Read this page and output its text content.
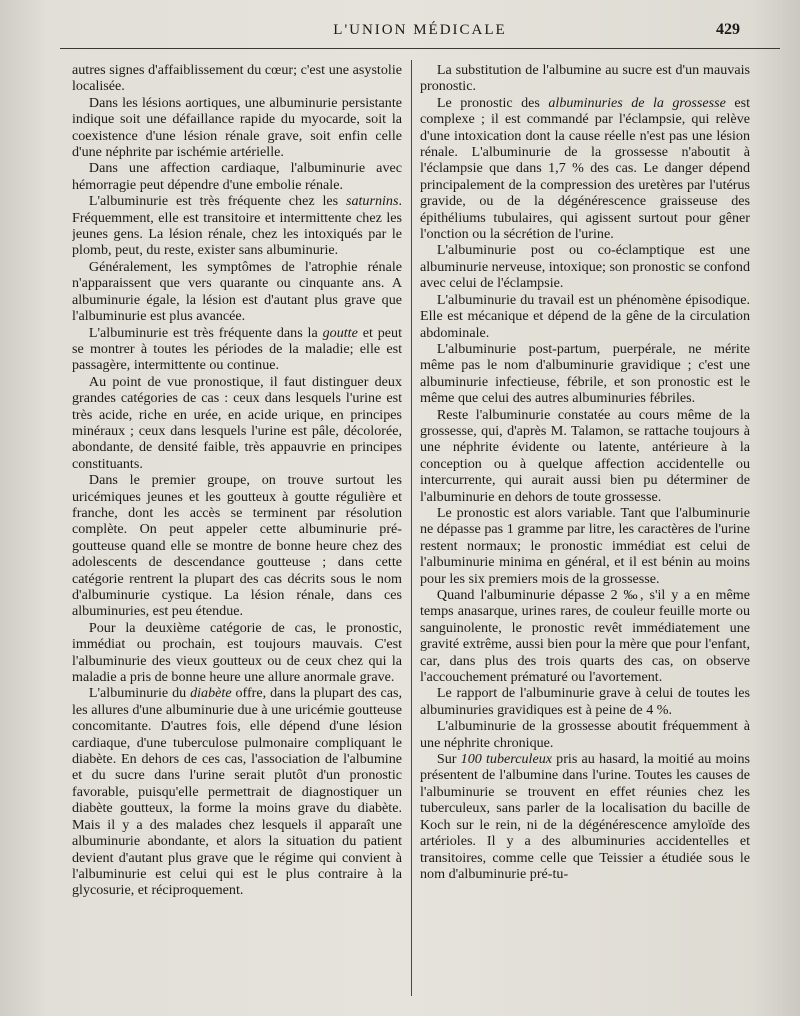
L'UNION MÉDICALE	429

autres signes d'affaiblissement du cœur; c'est une asystolie localisée.

Dans les lésions aortiques, une albuminurie persistante indique soit une défaillance rapide du myocarde, soit la coexistence d'une lésion rénale grave, soit enfin celle d'une néphrite par ischémie artérielle.

Dans une affection cardiaque, l'albuminurie avec hémorragie peut dépendre d'une embolie rénale.

L'albuminurie est très fréquente chez les saturnins. Fréquemment, elle est transitoire et intermittente chez les jeunes gens. La lésion rénale, chez les intoxiqués par le plomb, peut, du reste, exister sans albuminurie.

Généralement, les symptômes de l'atrophie rénale n'apparaissent que vers quarante ou cinquante ans. A albuminurie égale, la lésion est d'autant plus grave que l'albuminurie est plus avancée.

L'albuminurie est très fréquente dans la goutte et peut se montrer à toutes les périodes de la maladie; elle est passagère, intermittente ou continue.

Au point de vue pronostique, il faut distinguer deux grandes catégories de cas : ceux dans lesquels l'urine est très acide, riche en urée, en acide urique, en principes minéraux ; ceux dans lesquels l'urine est pâle, décolorée, abondante, de densité faible, très appauvrie en principes constituants.

Dans le premier groupe, on trouve surtout les uricémiques jeunes et les goutteux à goutte régulière et franche, dont les accès se terminent par résolution complète. On peut appeler cette albuminurie pré-goutteuse quand elle se montre de bonne heure chez des adolescents de descendance goutteuse ; dans cette catégorie rentrent la plupart des cas décrits sous le nom d'albuminurie cystique. La lésion rénale, dans ces albuminuries, est peu étendue.

Pour la deuxième catégorie de cas, le pronostic, immédiat ou prochain, est toujours mauvais. C'est l'albuminurie des vieux goutteux ou de ceux chez qui la maladie a pris de bonne heure une allure anormale grave.

L'albuminurie du diabète offre, dans la plupart des cas, les allures d'une albuminurie due à une uricémie goutteuse concomitante. D'autres fois, elle dépend d'une lésion cardiaque, d'une tuberculose pulmonaire compliquant le diabète. En dehors de ces cas, l'association de l'albumine et du sucre dans l'urine serait plutôt d'un pronostic favorable, puisqu'elle permettrait de diagnostiquer un diabète goutteux, la forme la moins grave du diabète. Mais il y a des malades chez lesquels il apparaît une albuminurie abondante, et alors la situation du patient devient d'autant plus grave que le régime qui convient à l'albuminurie est celui qui est le plus contraire à la glycosurie, et réciproquement.

La substitution de l'albumine au sucre est d'un mauvais pronostic.

Le pronostic des albuminuries de la grossesse est complexe ; il est commandé par l'éclampsie, qui relève d'une intoxication dont la cause réelle n'est pas une lésion rénale. L'albuminurie de la grossesse n'aboutit à l'éclampsie que dans 1,7 % des cas. Le danger dépend principalement de la compression des uretères par l'utérus gravide, ou de la dégénérescence graisseuse des épithéliums tubulaires, qui agissent surtout pour gêner l'onction ou la sécrétion de l'urine.

L'albuminurie post ou co-éclamptique est une albuminurie nerveuse, intoxique; son pronostic se confond avec celui de l'éclampsie.

L'albuminurie du travail est un phénomène épisodique. Elle est mécanique et dépend de la gêne de la circulation abdominale.

L'albuminurie post-partum, puerpérale, ne mérite même pas le nom d'albuminurie gravidique ; c'est une albuminurie infectieuse, fébrile, et son pronostic est le même que celui des autres albuminuries fébriles.

Reste l'albuminurie constatée au cours même de la grossesse, qui, d'après M. Talamon, se rattache toujours à une néphrite évidente ou latente, antérieure à la conception ou à quelque affection accidentelle ou intercurrente, qui aurait aussi bien pu déterminer de l'albuminurie en dehors de toute grossesse.

Le pronostic est alors variable. Tant que l'albuminurie ne dépasse pas 1 gramme par litre, les caractères de l'urine restent normaux; le pronostic immédiat est celui de l'albuminurie minima en général, et il est bénin au moins pour les six premiers mois de la grossesse.

Quand l'albuminurie dépasse 2 ‰, s'il y a en même temps anasarque, urines rares, de couleur feuille morte ou sanguinolente, le pronostic revêt immédiatement une gravité extrême, aussi bien pour la mère que pour l'enfant, car, dans plus des trois quarts des cas, on observe l'accouchement prématuré ou l'avortement.

Le rapport de l'albuminurie grave à celui de toutes les albuminuries gravidiques est à peine de 4 %.

L'albuminurie de la grossesse aboutit fréquemment à une néphrite chronique.

Sur 100 tuberculeux pris au hasard, la moitié au moins présentent de l'albumine dans l'urine. Toutes les causes de l'albuminurie se trouvent en effet réunies chez les tuberculeux, sans parler de la localisation du bacille de Koch sur le rein, ni de la dégénérescence amyloïde des artérioles. Il y a des albuminuries accidentelles et transitoires, comme celle que Teissier a étudiée sous le nom d'albuminurie pré-tu-
